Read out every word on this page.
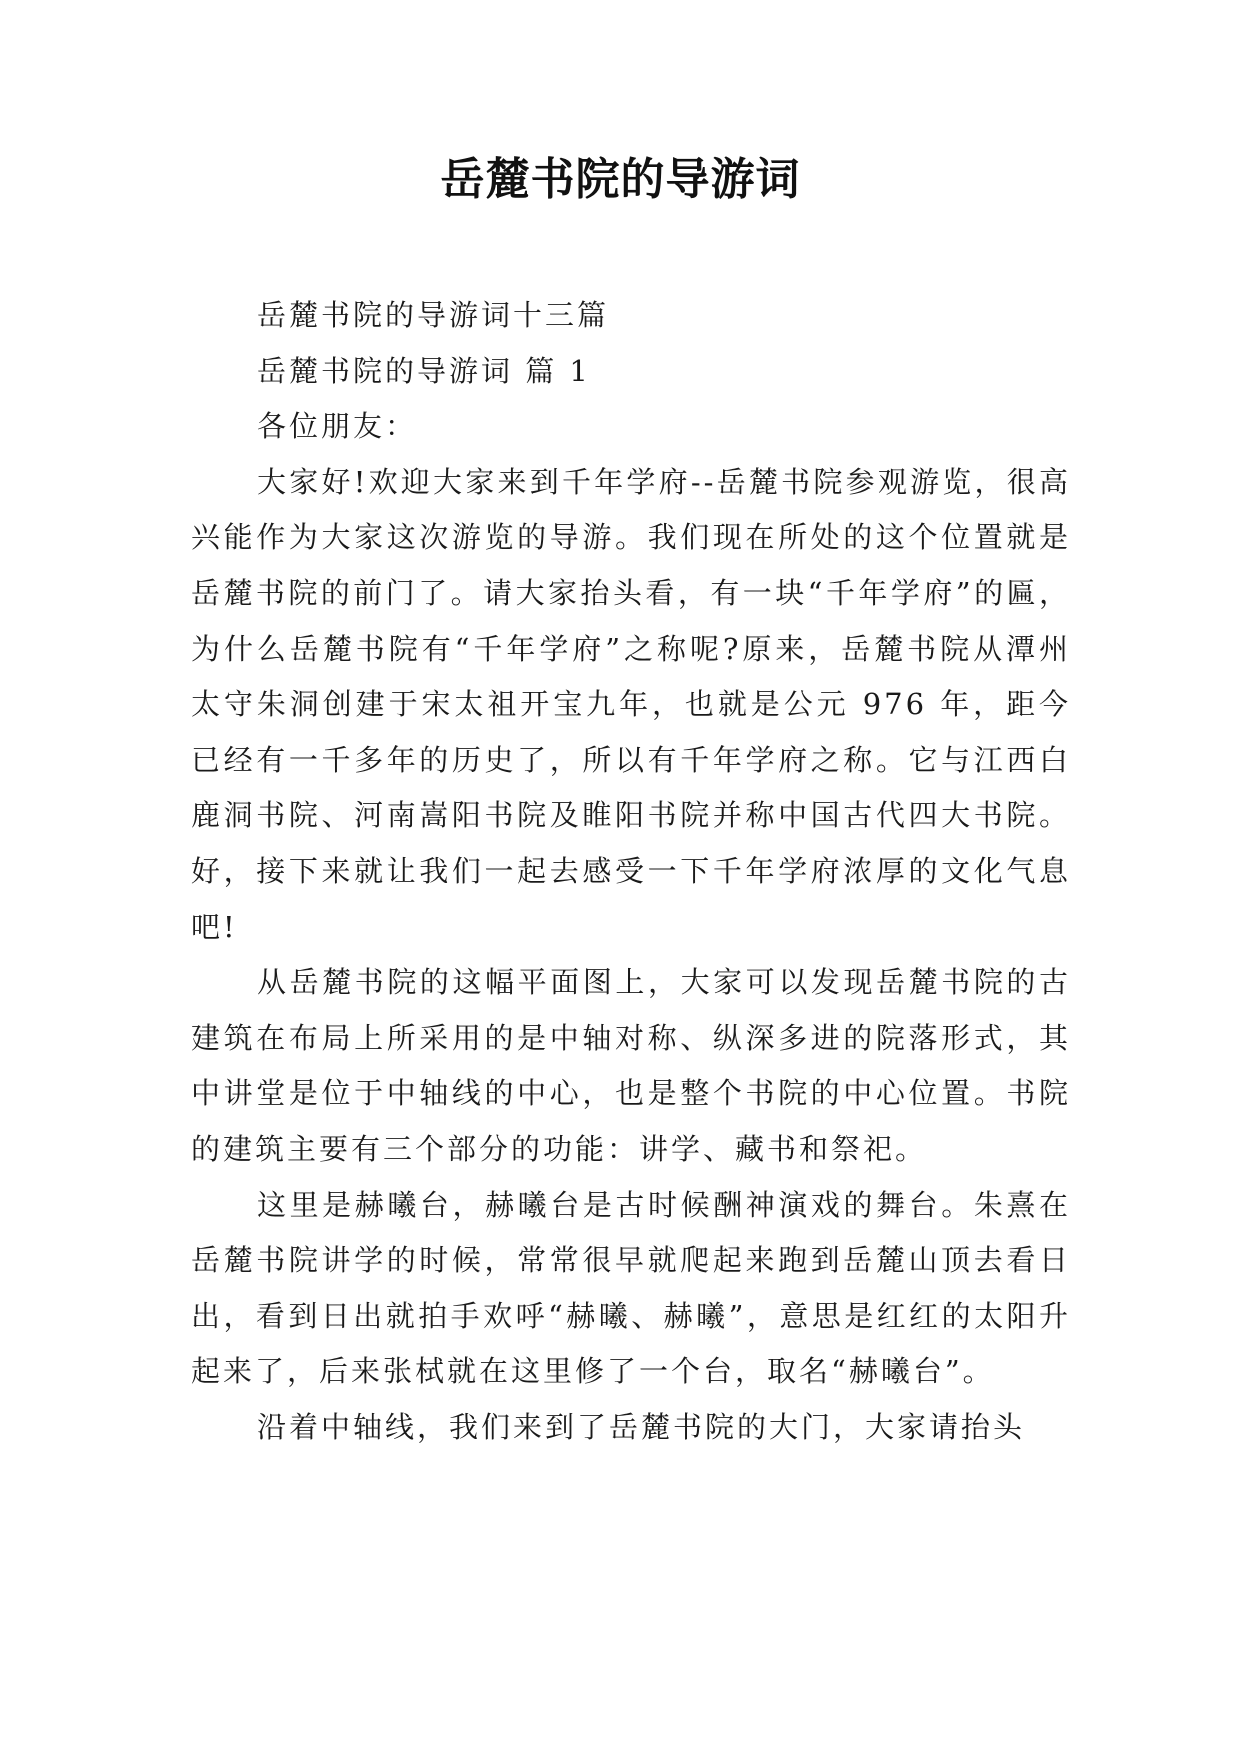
岳麓书院的导游词

岳麓书院的导游词十三篇

岳麓书院的导游词 篇 1

各位朋友：

大家好!欢迎大家来到千年学府--岳麓书院参观游览，很高兴能作为大家这次游览的导游。我们现在所处的这个位置就是岳麓书院的前门了。请大家抬头看，有一块“千年学府”的匾，为什么岳麓书院有“千年学府”之称呢?原来，岳麓书院从潭州太守朱洞创建于宋太祖开宝九年，也就是公元 976 年，距今已经有一千多年的历史了，所以有千年学府之称。它与江西白鹿洞书院、河南嵩阳书院及睢阳书院并称中国古代四大书院。好，接下来就让我们一起去感受一下千年学府浓厚的文化气息吧!

从岳麓书院的这幅平面图上，大家可以发现岳麓书院的古建筑在布局上所采用的是中轴对称、纵深多进的院落形式，其中讲堂是位于中轴线的中心，也是整个书院的中心位置。书院的建筑主要有三个部分的功能：讲学、藏书和祭祀。

这里是赫曦台，赫曦台是古时候酬神演戏的舞台。朱熹在岳麓书院讲学的时候，常常很早就爬起来跑到岳麓山顶去看日出，看到日出就拍手欢呼“赫曦、赫曦”，意思是红红的太阳升起来了，后来张栻就在这里修了一个台，取名“赫曦台”。

沿着中轴线，我们来到了岳麓书院的大门，大家请抬头
